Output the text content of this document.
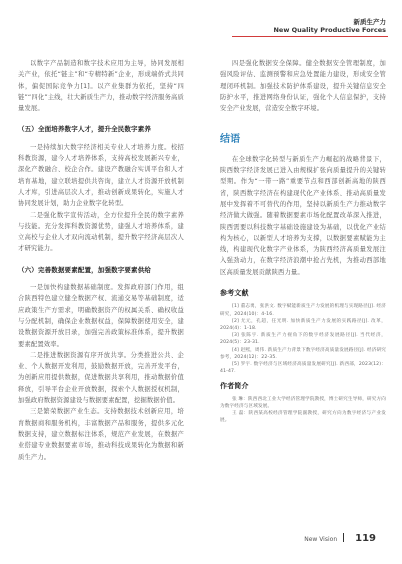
新质生产力
New Quality Productive Forces

以数字产品制造和数字技术应用为主导，协同发展相关产业，依托“链主”和“专精特新”企业，形成端侨式共同体，偏促国际竞争力[1]。以产业集群为依托，坚持“四链”“四化”主线，壮大新质生产力，推动数字经济服务高质量发展。

（五）全面培养数字人才，提升全民数字素养

一是持续加大数字经济相关专业人才培养力度。校招科教资源，建今人才培养体系，支持高校发展新兴专业，深化产教融合、校企合作。建设产教融合实训平台和人才培育基地，建立联培提供共咨询，建立人才资源开放机制人才库，引进高层次人才，推动创新成果转化，实施人才协同发展计划，助力企业数字化转型。

二是强化数字宣传活动，全方位提升全民的数字素养与技能。充分发挥科教资源优势，建强人才培养体系，建立高校与企业人才双向流动机制，提升数字经济高层次人才研究能力。

（六）完善数据要素配置，加强数字要素供给

一是加快构建数据基础制度。发挥政府部门作用，组合陕西特色建立健全数据产权、流通交易等基础制度，适应政策生产方需求，明确数据资产的权属关系、确权收益与分配机制，确保企业数据权益，保障数据使用安全，建设数据资源开放目录，加强完善政策标准体系，提升数据要素配置效率。

二是推进数据资源有序开放共享。分类推进公共、企业、个人数据开发利用，鼓励数据开放，完善开发平台，为创新应用提供数据，促进数据共享利用，推动数据价值释放，引导平台企业开放数据，探索个人数据授权机制，加强政府数据资源建设与数据要素配置，挖掘数据价值。

三是繁荣数据产业生态。支持数据技术创新应用，培育数据商和服务机构，丰富数据产品和服务，提供多元化数据支持，建立数据标注体系，规范产业发展，在数据产业搭建专业数据要素市场，推动科技成果转化为数据和新质生产力。

四是强化数据安全保障。健全数据安全管理制度，加强风险评估、监测预警和应急处置能力建设，形成安全管理闭环机制。加强技术防护体系建设，提升关键信息安全防护水平，推进网络身份认证，强化个人信息保护，支持安全产业发展，营造安全数字环境。

结语

在全球数字化转型与新质生产力崛起的战略背景下，陕西数字经济发展已进入由规模扩张向质量提升的关键转型期。作为“一带一路”重要节点和西部创新高地的陕西省，陕西数字经济在构建现代化产业体系、推动高质量发展中发挥着不可替代的作用，坚持以新质生产力推动数字经济做大做强。随着数据要素市场化配置改革深入推进，陕西需要以科技数字基础设施建设为基础，以优化产业结构为核心，以新型人才培养为支撑，以数据要素赋能为主线，构建现代化数字产业体系，为陕西经济高质量发展注入强劲动力，在数字经济浪潮中抢占先机，为推动西部地区高质量发展贡献陕西力量。

参考文献

[1] 董志勇，张洪文. 数字赋能新质生产力发展的机理与实现路径[J]. 经济研究，2024(10)：4-16.

[2] 尤元，孔超，任光明. 加快新质生产力发展的实践路径[J]. 改革，2024(4)：1-18.

[3] 张陈宇. 新质生产力视角下的数字经济发展路径[J]. 当代经济，2024(5)：23-31.

[4] 赵熙，周伟. 新质生产力背景下数字经济高质量发展路径[J]. 经济研究参考，2024(12)：22-35.

[5] 罗宇. 数字经济与区域经济高质量发展研究[J]. 新西部，2023(12)：41-47.

作者简介

张 琳：陕西西北工业大学经济管理学院教授，博士研究生导师，研究方向为数字经济与区域发展。

王 磊：陕西某高校经济管理学院副教授，研究方向为数字经济与产业发展。

New Vision 119
